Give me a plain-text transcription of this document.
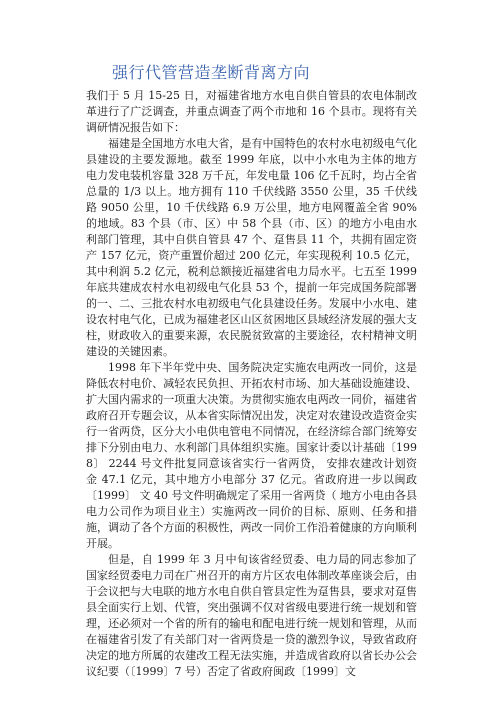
强行代管营造垄断背离方向

我们于 5 月 15-25 日，对福建省地方水电自供自管县的农电体制改革进行了广泛调查，并重点调查了两个市地和 16 个县市。现将有关调研情况报告如下：

福建是全国地方水电大省，是有中国特色的农村水电初级电气化县建设的主要发源地。截至 1999 年底，以中小水电为主体的地方电力发电装机容量 328 万千瓦，年发电量 106 亿千瓦时，均占全省总量的 1/3 以上。地方拥有 110 千伏线路 3550 公里，35 千伏线路 9050 公里，10 千伏线路 6.9 万公里，地方电网覆盖全省 90%的地域。83 个县（市、区）中 58 个县（市、区）的地方小电由水利部门管理，其中自供自管县 47 个、趸售县 11 个，共拥有固定资产 157 亿元，资产重置价超过 200 亿元，年实现税利 10.5 亿元，其中利润 5.2 亿元，税利总额接近福建省电力局水平。七五至 1999 年底共建成农村水电初级电气化县 53 个，提前一年完成国务院部署的一、二、三批农村水电初级电气化县建设任务。发展中小水电、建设农村电气化，已成为福建老区山区贫困地区县域经济发展的强大支柱，财政收入的重要来源，农民脱贫致富的主要途径，农村精神文明建设的关键因素。

1998 年下半年党中央、国务院决定实施农电两改一同价，这是降低农村电价、减轻农民负担、开拓农村市场、加大基础设施建设、扩大国内需求的一项重大决策。为贯彻实施农电两改一同价，福建省政府召开专题会议，从本省实际情况出发，决定对农建设改造资金实行一省两贷，区分大小电供电管电不同情况，在经济综合部门统筹安排下分别由电力、水利部门具体组织实施。国家计委以计基础〔1998〕 2244 号文件批复同意该省实行一省两贷， 安排农建改计划资金 47.1 亿元，其中地方小电部分 37 亿元。省政府进一步以闽政〔1999〕 文 40 号文件明确规定了采用一省两贷（ 地方小电由各县电力公司作为项目业主）实施两改一同价的目标、原则、任务和措施，调动了各个方面的积极性，两改一同价工作沿着健康的方向顺利开展。

但是，自 1999 年 3 月中旬该省经贸委、电力局的同志参加了国家经贸委电力司在广州召开的南方片区农电体制改革座谈会后，由于会议把与大电联的地方水电自供自管县定性为趸售县，要求对趸售县全面实行上划、代管，突出强调不仅对省级电要进行统一规划和管理，还必须对一个省的所有的输电和配电进行统一规划和管理，从而在福建省引发了有关部门对一省两贷是一贷的激烈争议，导致省政府决定的地方所属的农建改工程无法实施，并造成省政府以省长办公会议纪要（〔1999〕7 号）否定了省政府闽政〔1999〕文
